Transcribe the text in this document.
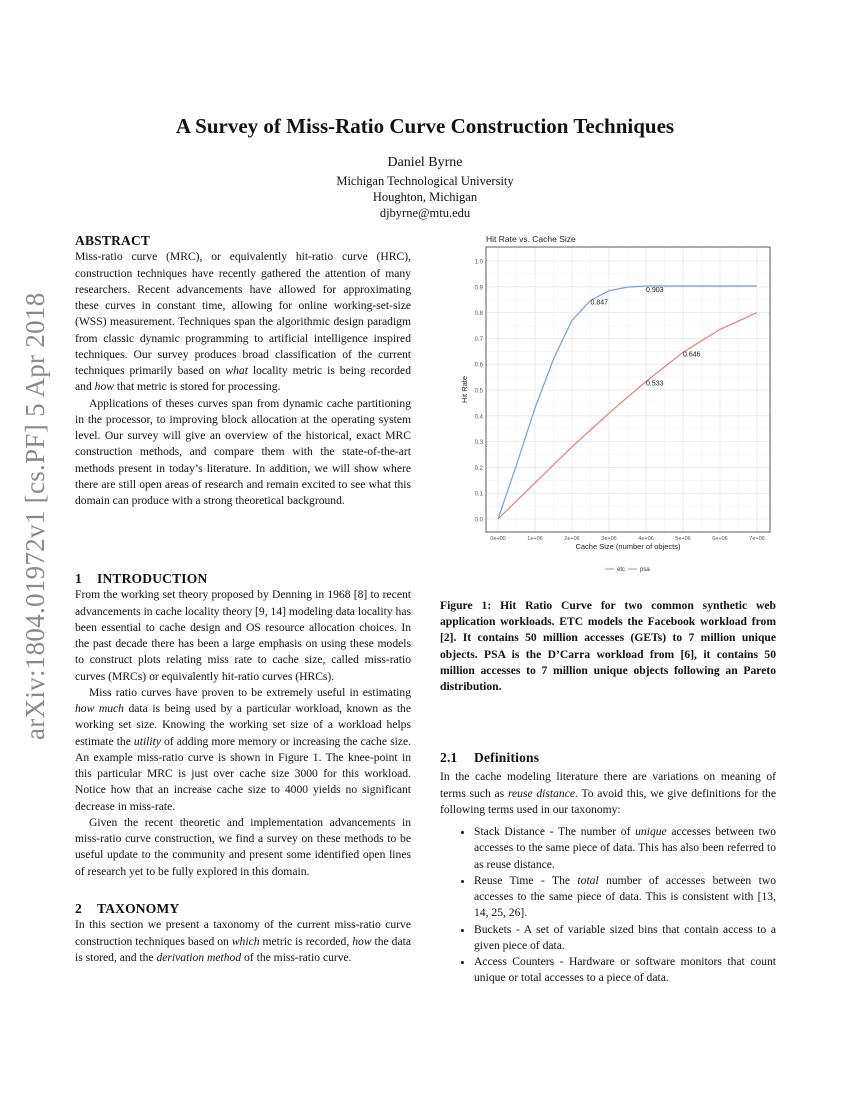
arXiv:1804.01972v1 [cs.PF] 5 Apr 2018
A Survey of Miss-Ratio Curve Construction Techniques
Daniel Byrne
Michigan Technological University
Houghton, Michigan
djbyrne@mtu.edu
ABSTRACT

Miss-ratio curve (MRC), or equivalently hit-ratio curve (HRC), construction techniques have recently gathered the attention of many researchers. Recent advancements have allowed for approximating these curves in constant time, allowing for online working-set-size (WSS) measurement. Techniques span the algorithmic design paradigm from classic dynamic programming to artificial intelligence inspired techniques. Our survey produces broad classification of the current techniques primarily based on what locality metric is being recorded and how that metric is stored for processing.

Applications of theses curves span from dynamic cache partitioning in the processor, to improving block allocation at the operating system level. Our survey will give an overview of the historical, exact MRC construction methods, and compare them with the state-of-the-art methods present in today’s literature. In addition, we will show where there are still open areas of research and remain excited to see what this domain can produce with a strong theoretical background.

1 INTRODUCTION

From the working set theory proposed by Denning in 1968 [8] to recent advancements in cache locality theory [9, 14] modeling data locality has been essential to cache design and OS resource allocation choices. In the past decade there has been a large emphasis on using these models to construct plots relating miss rate to cache size, called miss-ratio curves (MRCs) or equivalently hit-ratio curves (HRCs).

Miss ratio curves have proven to be extremely useful in estimating how much data is being used by a particular workload, known as the working set size. Knowing the working set size of a workload helps estimate the utility of adding more memory or increasing the cache size. An example miss-ratio curve is shown in Figure 1. The knee-point in this particular MRC is just over cache size 3000 for this workload. Notice how that an increase cache size to 4000 yields no significant decrease in miss-rate.

Given the recent theoretic and implementation advancements in miss-ratio curve construction, we find a survey on these methods to be useful update to the community and present some identified open lines of research yet to be fully explored in this domain.

2 TAXONOMY

In this section we present a taxonomy of the current miss-ratio curve construction techniques based on which metric is recorded, how the data is stored, and the derivation method of the miss-ratio curve.

0.0
0.1
0.2
0.3
0.4
0.5
0.6
0.7
0.8
0.9
1.0
0e+00	1e+06	2e+06	3e+06	4e+06	5e+06	6e+06	7e+06
0.847
0.903
0.533
0.646
Hit Rate vs. Cache Size
Cache Size (number of objects)
Hit Rate
etc psa
Figure 1: Hit Ratio Curve for two common synthetic web application workloads. ETC models the Facebook workload from [2]. It contains 50 million accesses (GETs) to 7 million unique objects. PSA is the D’Carra workload from [6], it contains 50 million accesses to 7 million unique objects following an Pareto distribution.
2.1 Definitions

In the cache modeling literature there are variations on meaning of terms such as reuse distance. To avoid this, we give definitions for the following terms used in our taxonomy:

• Stack Distance - The number of unique accesses between two accesses to the same piece of data. This has also been referred to as reuse distance.
• Reuse Time - The total number of accesses between two accesses to the same piece of data. This is consistent with [13, 14, 25, 26].
• Buckets - A set of variable sized bins that contain access to a given piece of data.
• Access Counters - Hardware or software monitors that count unique or total accesses to a piece of data.
